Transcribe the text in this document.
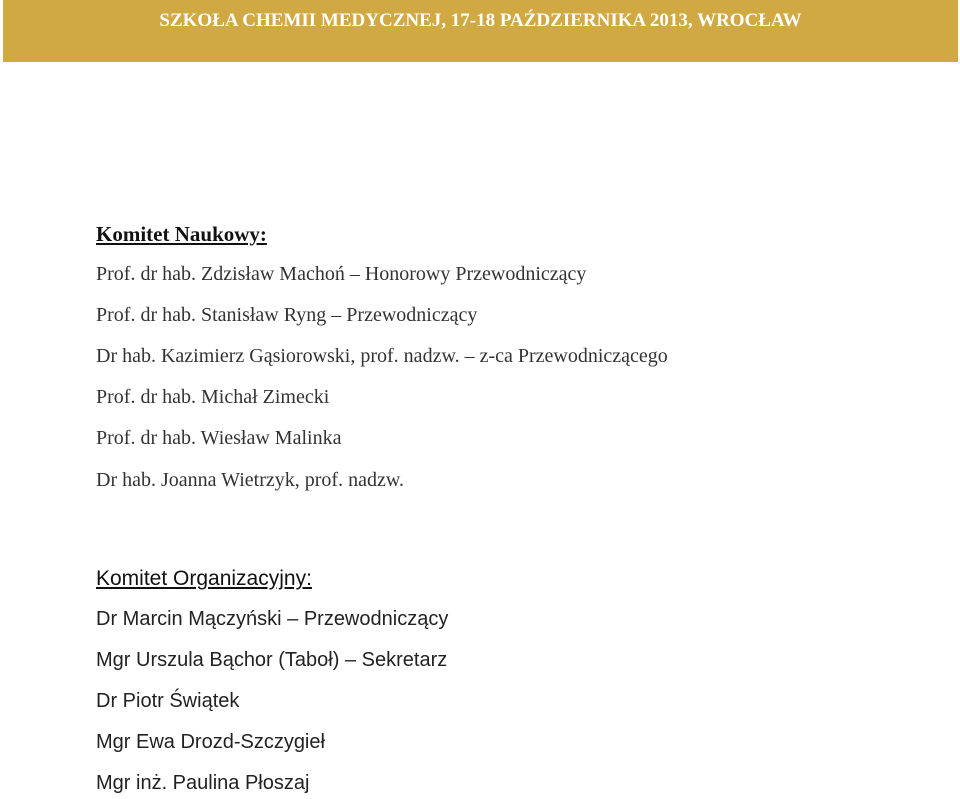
SZKOŁA CHEMII MEDYCZNEJ, 17-18 PAŹDZIERNIKA 2013, WROCŁAW
Komitet Naukowy:

Prof. dr hab. Zdzisław Machoń – Honorowy Przewodniczący

Prof. dr hab. Stanisław Ryng – Przewodniczący

Dr hab. Kazimierz Gąsiorowski, prof. nadzw. – z-ca Przewodniczącego

Prof. dr hab. Michał Zimecki

Prof. dr hab. Wiesław Malinka

Dr hab. Joanna Wietrzyk, prof. nadzw.

Komitet Organizacyjny:

Dr Marcin Mączyński – Przewodniczący

Mgr Urszula Bąchor (Taboł) – Sekretarz

Dr Piotr Świątek

Mgr Ewa Drozd-Szczygieł

Mgr inż. Paulina Płoszaj
